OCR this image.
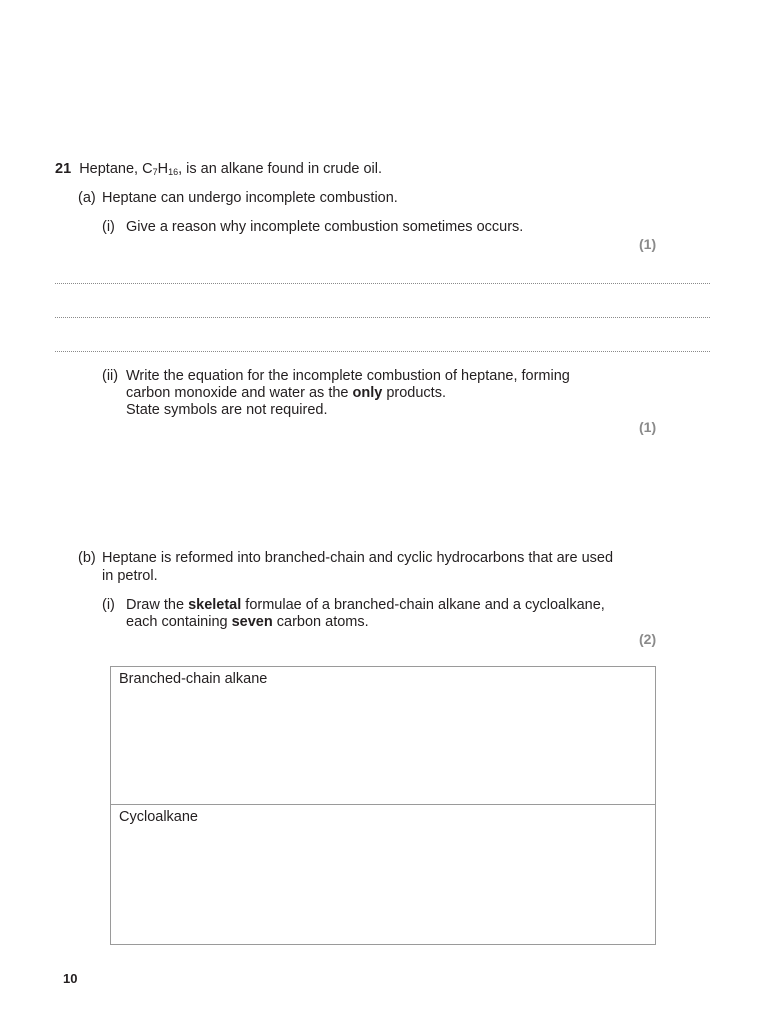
21 Heptane, $C_7H_{16}$, is an alkane found in crude oil.
(a) Heptane can undergo incomplete combustion.
(i) Give a reason why incomplete combustion sometimes occurs.
(1)
(ii) Write the equation for the incomplete combustion of heptane, forming
carbon monoxide and water as the only products.
State symbols are not required.
(1)
(b) Heptane is reformed into branched-chain and cyclic hydrocarbons that are used
in petrol.
(i) Draw the skeletal formulae of a branched-chain alkane and a cycloalkane,
each containing seven carbon atoms.
(2)
Branched-chain alkane
Cycloalkane
10
